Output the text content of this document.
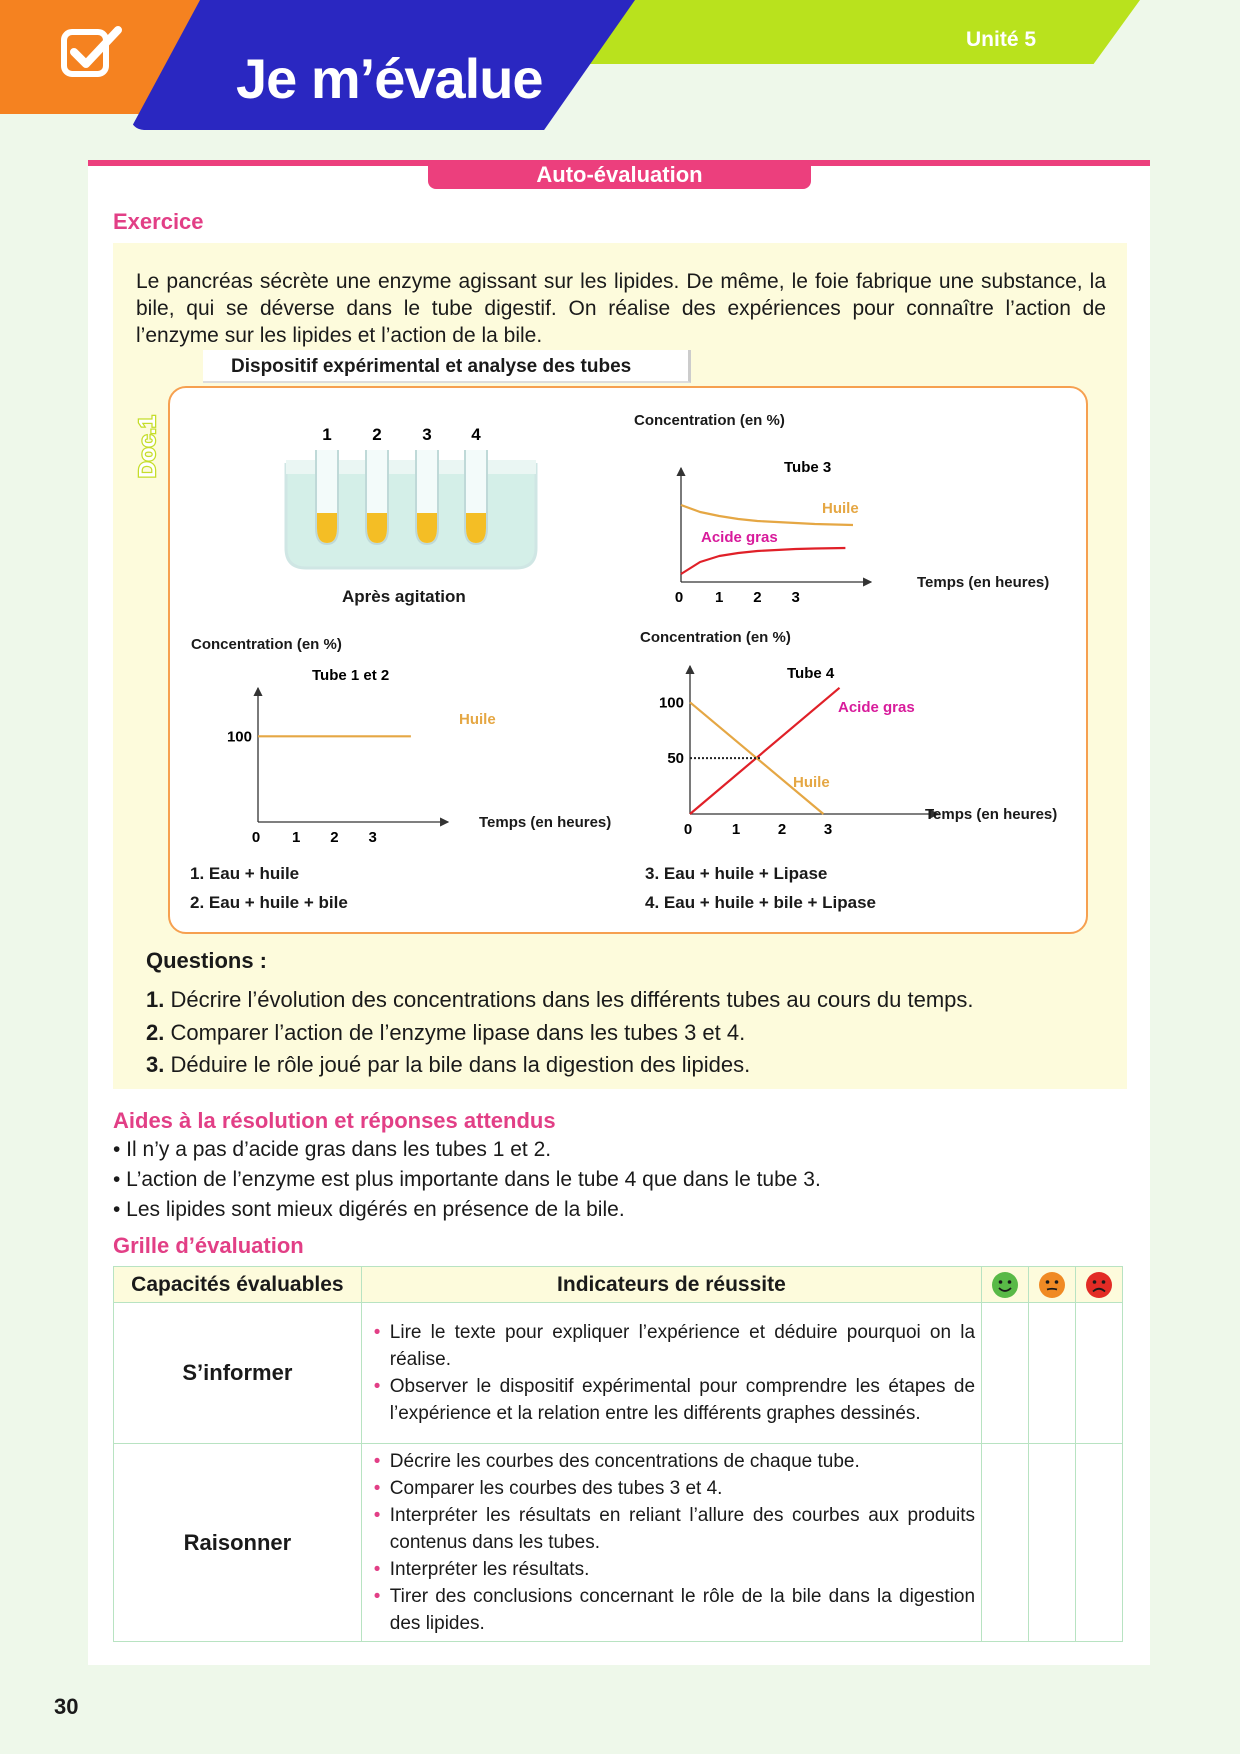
Je m’évalue
Unité 5
Auto-évaluation
Exercice
Le pancréas sécrète une enzyme agissant sur les lipides. De même, le foie fabrique une substance, la bile, qui se déverse dans le tube digestif. On réalise des expériences pour connaître l’action de l’enzyme sur les lipides et l’action de la bile.
Dispositif expérimental et analyse des tubes
Doc.1	1 2 3 4
Après agitation
Concentration (en %)
0 1 2 3
Tube 3
Huile
Acide gras
Temps (en heures)
Concentration (en %)
0 1 2 3
100
Tube 1 et 2
Huile
Temps (en heures)
Concentration (en %)
0	1	2	3
50
100
Tube 4
Acide gras
Huile
Temps (en heures)
1. Eau + huile
2. Eau + huile + bile
3. Eau + huile + Lipase
4. Eau + huile + bile + Lipase
Questions :
1. Décrire l’évolution des concentrations dans les différents tubes au cours du temps.
2. Comparer l’action de l’enzyme lipase dans les tubes 3 et 4.
3. Déduire le rôle joué par la bile dans la digestion des lipides.
Aides à la résolution et réponses attendus
• Il n’y a pas d’acide gras dans les tubes 1 et 2.
• L’action de l’enzyme est plus importante dans le tube 4 que dans le tube 3.
• Les lipides sont mieux digérés en présence de la bile.
Grille d’évaluation
Capacités évaluables	Indicateurs de réussite			
S’informer	• Lire le texte pour expliquer l’expérience et déduire pourquoi on la réalise.
• Observer le dispositif expérimental pour comprendre les étapes de l’expérience et la relation entre les différents graphes dessinés.

Raisonner	• Décrire les courbes des concentrations de chaque tube.
• Comparer les courbes des tubes 3 et 4.
• Interpréter les résultats en reliant l’allure des courbes aux produits contenus dans les tubes.
• Interpréter les résultats.
• Tirer des conclusions concernant le rôle de la bile dans la digestion des lipides.

30
